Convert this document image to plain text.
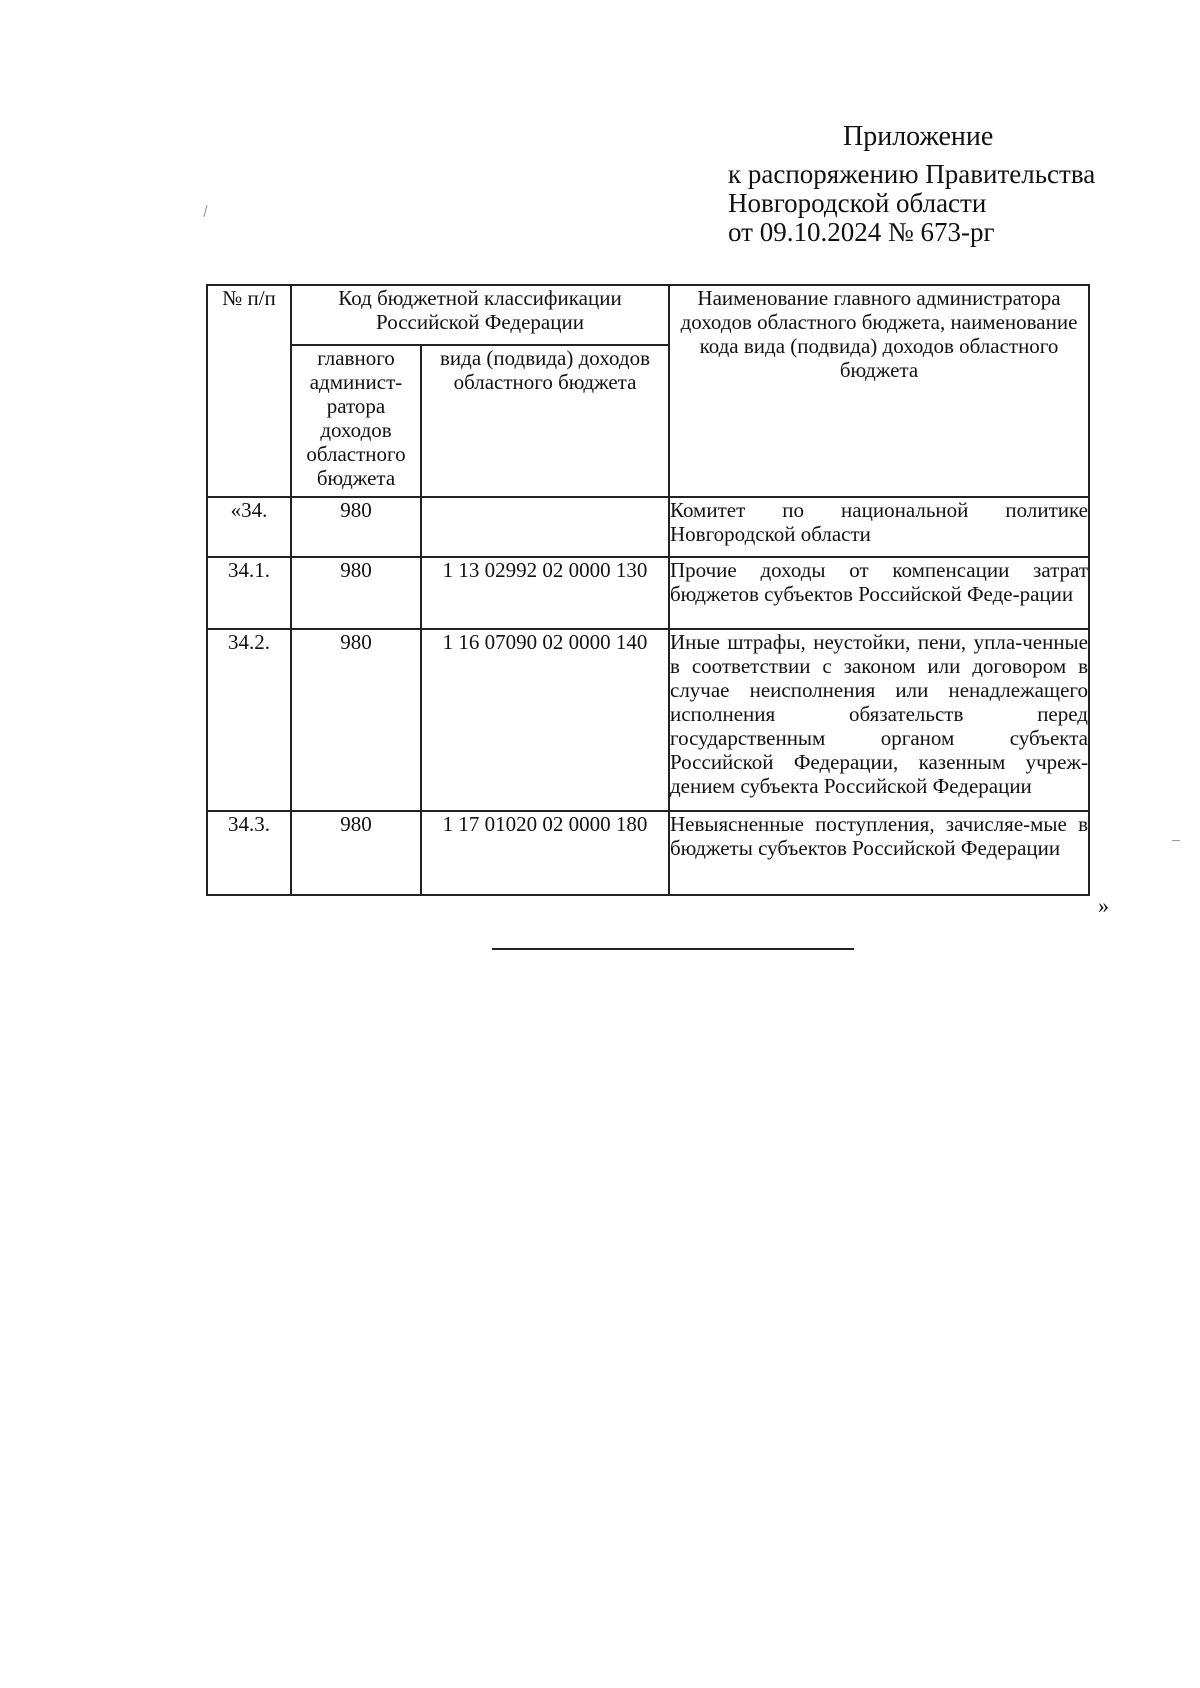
Приложение
к распоряжению Правительства
Новгородской области
от 09.10.2024 № 673-рг
№ п/п	Код бюджетной классификации Российской Федерации		Наименование главного администратора доходов областного бюджета, наименование кода вида (подвида) доходов областного бюджета
	главного админист-ратора доходов областного бюджета	вида (подвида) доходов областного бюджета	
«34.	980		Комитет по национальной политике Новгородской области
34.1.	980	1 13 02992 02 0000 130	Прочие доходы от компенсации затрат бюджетов субъектов Российской Феде-рации
34.2.	980	1 16 07090 02 0000 140	Иные штрафы, неустойки, пени, упла-ченные в соответствии с законом или договором в случае неисполнения или ненадлежащего исполнения обязательств перед государственным органом субъекта Российской Федерации, казенным учреж-дением субъекта Российской Федерации
34.3.	980	1 17 01020 02 0000 180	Невыясненные поступления, зачисляе-мые в бюджеты субъектов Российской Федерации
»
